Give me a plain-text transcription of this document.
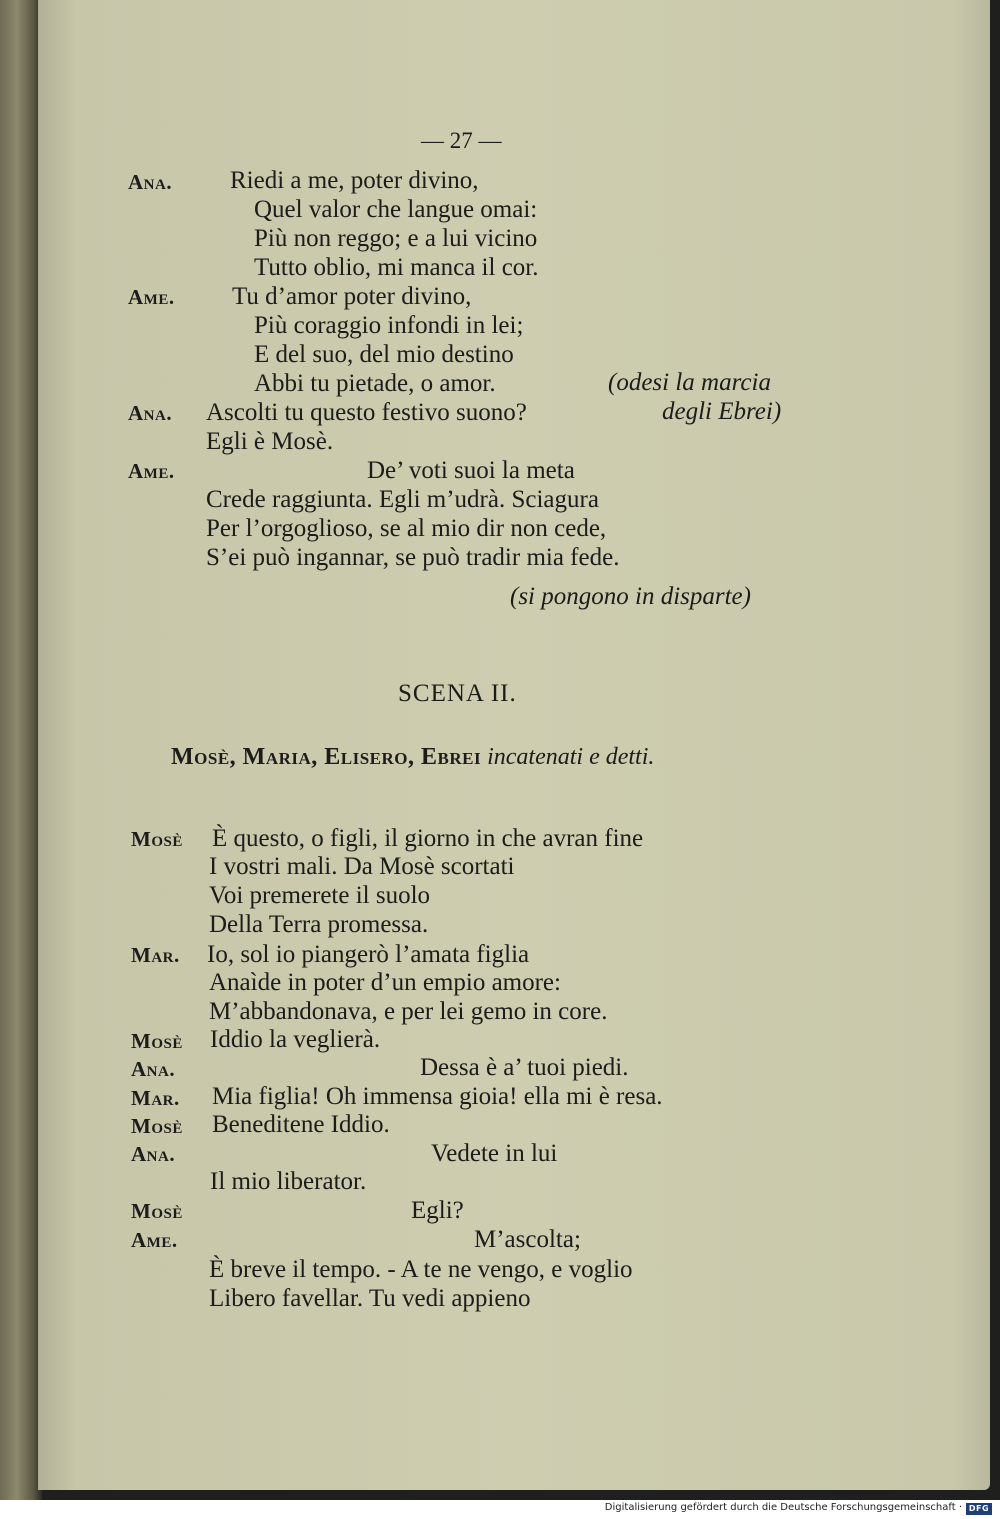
— 27 —
Ana.
Ame.
Ana.
Ame.
Riedi a me, poter divino,
Quel valor che langue omai:
Più non reggo; e a lui vicino
Tutto oblio, mi manca il cor.
Tu d’amor poter divino,
Più coraggio infondi in lei;
E del suo, del mio destino
Abbi tu pietade, o amor.	(odesi la marcia
Ascolti tu questo festivo suono?	degli Ebrei)
Egli è Mosè.
De’ voti suoi la meta
Crede raggiunta. Egli m’udrà. Sciagura
Per l’orgoglioso, se al mio dir non cede,
S’ei può ingannar, se può tradir mia fede.
(si pongono in disparte)
SCENA II.
Mosè, Maria, Elisero, Ebrei incatenati e detti.
Mosè
Mar.
Mosè
Ana.
Mar.
Mosè
Ana.
Mosè
Ame.
È questo, o figli, il giorno in che avran fine
I vostri mali. Da Mosè scortati
Voi premerete il suolo
Della Terra promessa.
Io, sol io piangerò l’amata figlia
Anaìde in poter d’un empio amore:
M’abbandonava, e per lei gemo in core.
Iddio la veglierà.
Dessa è a’ tuoi piedi.
Mia figlia! Oh immensa gioia! ella mi è resa.
Beneditene Iddio.
Vedete in lui
Il mio liberator.
Egli?
M’ascolta;
È breve il tempo. - A te ne vengo, e voglio
Libero favellar. Tu vedi appieno
Digitalisierung gefördert durch die Deutsche Forschungsgemeinschaft · DFG
